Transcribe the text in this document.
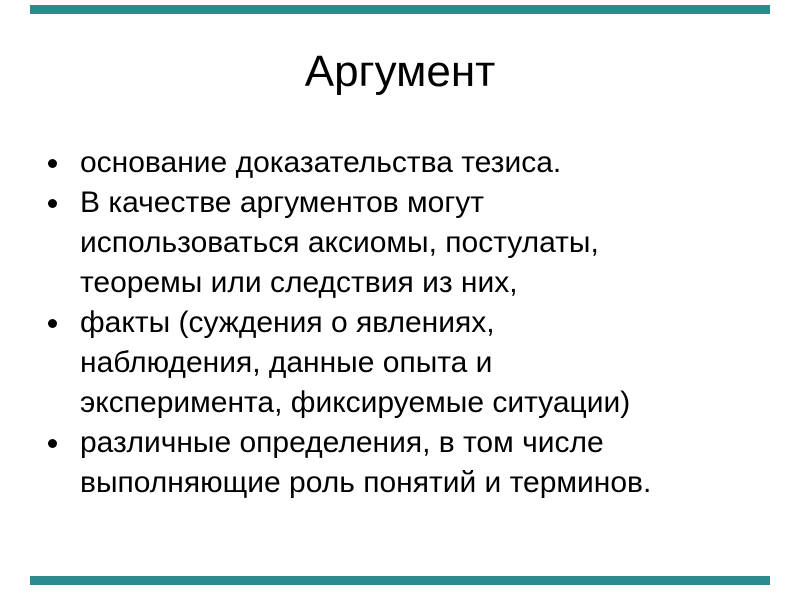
Аргумент
основание доказательства тезиса.
В качестве аргументов могут
использоваться аксиомы, постулаты,
теоремы или следствия из них,
факты (суждения о явлениях,
наблюдения, данные опыта и
эксперимента, фиксируемые ситуации)
различные определения, в том числе
выполняющие роль понятий и терминов.
